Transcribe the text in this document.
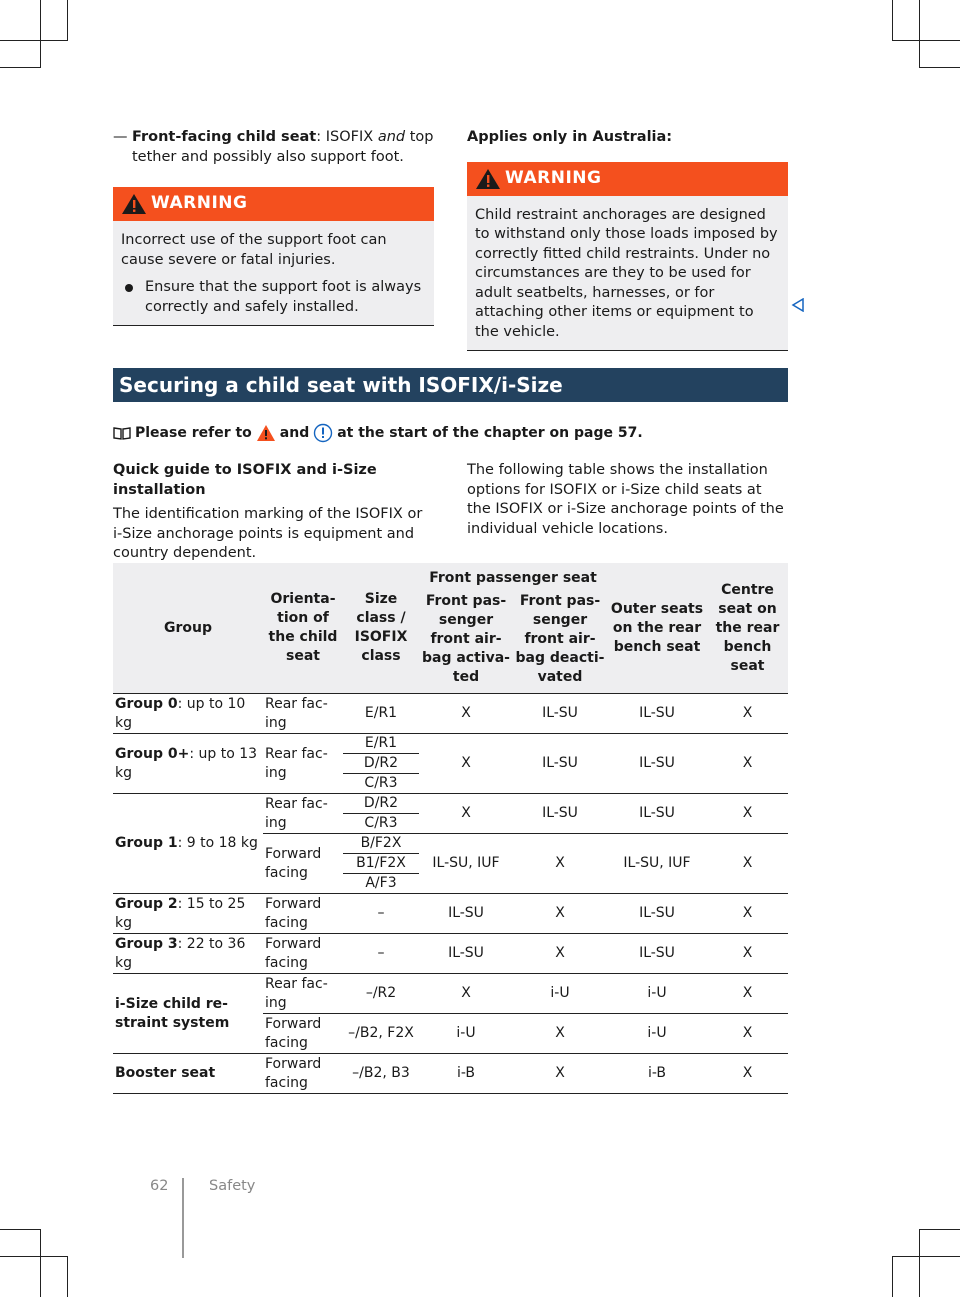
— Front-facing child seat: ISOFIX and top tether and possibly also support foot.
WARNING
Incorrect use of the support foot can cause severe or fatal injuries.
Ensure that the support foot is always correctly and safely installed.
Applies only in Australia:
WARNING
Child restraint anchorages are designed to withstand only those loads imposed by correctly fitted child restraints. Under no circumstances are they to be used for adult seatbelts, harnesses, or for attaching other items or equipment to the vehicle.
Securing a child seat with ISOFIX/i-Size
Please refer to and at the start of the chapter on page 57.
Quick guide to ISOFIX and i-Size installation
The identification marking of the ISOFIX or i-Size anchorage points is equipment and country dependent.
The following table shows the installation options for ISOFIX or i-Size child seats at the ISOFIX or i-Size anchorage points of the individual vehicle locations.
Group	Orienta-tion of the child seat	Size class / ISOFIX class	Front passenger seat		Outer seats on the rear bench seat	Centre seat on the rear bench seat
			Front pas-senger front air-bag activa-ted	Front pas-senger front air-bag deacti-vated		
Group 0: up to 10 kg	Rear fac-ing	E/R1	X	IL-SU	IL-SU	X
Group 0+: up to 13 kg	Rear fac-ing	E/R1	X	IL-SU	IL-SU	X
		D/R2				
		C/R3				
Group 1: 9 to 18 kg	Rear fac-ing	D/R2	X	IL-SU	IL-SU	X
		C/R3				
	Forward facing	B/F2X	IL-SU, IUF	X	IL-SU, IUF	X
		B1/F2X				
		A/F3				
Group 2: 15 to 25 kg	Forward facing	–	IL-SU	X	IL-SU	X
Group 3: 22 to 36 kg	Forward facing	–	IL-SU	X	IL-SU	X
i-Size child re-straint system	Rear fac-ing	–/R2	X	i-U	i-U	X
	Forward facing	–/B2, F2X	i-U	X	i-U	X
Booster seat	Forward facing	–/B2, B3	i-B	X	i-B	X
62	Safety
